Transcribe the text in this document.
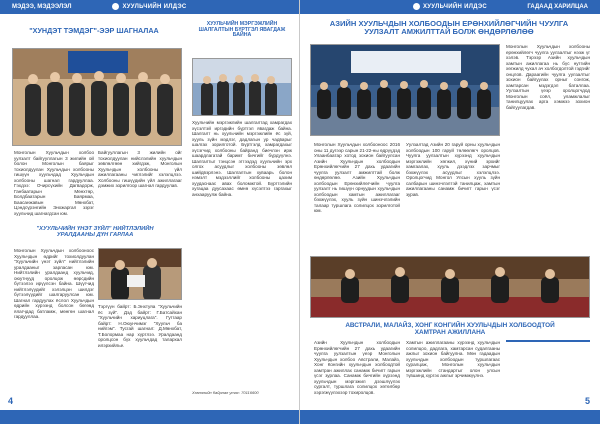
МЭДЭЭ, МЭДЭЭЛЭЛ	ХУУЛЬЧИЙН ИЛДЭС
"ХУНДЭТ ТЭМДЭГ"-ЭЭР ШАГНАЛАА
Монголын Хуульчдын холбоо уулзалт байгууллагын 3 жилийн ой болон Монголын баярыг тохиолдуулан Хуульчдын холбооны гишүүн хуульчдад Хуульчдын холбооны шагнал гардууллаа. Гэхдээ: Очирсүхийн Дагвадорж, Ганбаатарын Мөнхтөр, Болдбаатарын Баярмаа, Баасанжавын Мөнхбат, Цэндсүрэнгийн Энхжаргал зэрэг хуульчид шагнагдсан юм.
Байгууллагын 3 жилийн ойг тохиолдуулан нийслэлийн хуульчдын зөвлөлгөөн хийгдэж, Монголын Хуульчдын холбооны үйл ажиллагааны чиглэлийг хэлэлцлээ. Холбооны гишүүдийн үйл ажиллагааг дэмжих зорилгоор шагнал гардуулав.
"ХУУЛЬЧИЙН ҮНЭТ ЗҮЙЛ" НИЙТЛЭЛИЙН УРАЛДААНЫ ДҮН ГАРЛАА
Монголын Хуульчдын холбооноос Хуульчдын өдрийг тохиолдуулан "Хуульчийн үнэт зүйл" нийтлэлийн уралдааныг зарласан юм. Нийтлэлийн уралдаанд хуульчид, оюутнууд оролцож өөрсдийн бүтээлээ ирүүлсэн байна. Шүүгчид нийтлэлүүдийг хэлэлцэн шилдэг бүтээлүүдийг шалгаруулсан юм. Шагнал гардуулах ёслол Хуульчдын өдрийн хүрээнд болсон бөгөөд ялагчдад батламж, мөнгөн шагнал гардууллаа.
Тэргүүн байрт: Б.Энхтуяа "Хуульчийн ёс зүй". Дэд байрт: Г.Батсайхан "Хуульчийн хариуцлага". Гутгаар байрт: Н.Оюунчимэг "Хуульч ба нийгэм". Тусгай шагнал: Д.Мөнхбат, Т.Болормаа нар хүртлээ. Уралдаанд оролцсон бүх хуульчдад талархал илэрхийлье.
ХУУЛЬЧИЙН МЭРГЭЖЛИЙН ШАЛГАЛТЫН БҮРТГЭЛ ЯВАГДАЖ БАЙНА
Хуульчийн мэргэжлийн шалгалтад хамрагдах хүсэлтэй иргэдийн бүртгэл явагдаж байна. Шалгалт нь хуульчийн мэргэжлийн ёс зүй, хууль зүйн мэдлэг, дадлагын ур чадварыг шалгах зорилготой. Бүртгэлд хамрагдахыг хүсэгчид холбооны байранд биечлэн ирж шаардлагатай баримт бичгийг бүрдүүлнэ. Шалгалтыг тэнцсэн этгээдэд хуульчийн эрх олгох асуудлыг холбооны зөвлөл шийдвэрлэнэ. Шалгалтын хуваарь болон нэмэлт мэдээллийг холбооны цахим хуудаснаас авах боломжтой. Бүртгэлийн хугацаа дуусахаас өмнө хүсэлтээ гаргахыг анхааруулж байна.
Хэвлэлийн байрлал утас: 70116600
4
ХУУЛЬЧИЙН ИЛДЭС	ГАДААД ХАРИЛЦАА
АЗИЙН ХУУЛЬЧДЫН ХОЛБООДЫН ЕРӨНХИЙЛӨГЧИЙН ЧУУЛГА УУЛЗАЛТ АМЖИЛТТАЙ БОЛЖ ӨНДӨРЛӨЛӨӨ
Монголын Хуульчдын холбооноос 2016 оны 11 дүгээр сарын 21-22-ны өдрүүдэд Улаанбаатар хотод зохион байгуулсан Азийн Хуульчдын холбоодын Ерөнхийлөгчийн 27 дахь удаагийн чуулга уулзалт амжилттай болж өндөрлөлөө. Азийн Хуульчдын холбоодын Ерөнхийлөгчийн чуулга уулзалт нь гишүүн орнуудын хуульчдын холбоодын хамтын ажиллагааг бэхжүүлэх, хууль зүйн шинэчлэлийн талаар туршлага солилцох зорилготой юм.
Уулзалтад Азийн 20 гаруй орны хуульчдын холбоодын 100 гаруй төлөөлөгч оролцов. Чуулга уулзалтын хүрээнд хуульчдын мэргэжлийн хөгжил, хүний эрхийг хамгаалах, хууль дээдлэх зарчмыг бэхжүүлэх асуудлыг хэлэлцлээ. Оролцогчид Монгол Улсын хууль зүйн салбарын шинэчлэлтэй танилцаж, хамтын ажиллагааны санамж бичигт гарын үсэг зурав.
Монголын Хуульчдын холбооны ерөнхийлөгч чуулга уулзалтыг нээж үг хэлэв. Тэрээр Азийн хуульчдын хамтын ажиллагаа нь бүс нутгийн хөгжилд чухал ач холбогдолтой гэдгийг онцлов. Дараагийн чуулга уулзалтыг зохион байгуулах орныг сонгож, хамтарсан мэдэгдэл баталлаа. Уулзалтын үеэр оролцогчдод Монголын соёл, уламжлалыг танилцуулах арга хэмжээ зохион байгуулагдав.
АВСТРАЛИ, МАЛАЙЗ, ХОНГ КОНГИЙН ХУУЛЬЧДЫН ХОЛБООДТОЙ ХАМТРАН АЖИЛЛАНА
Азийн Хуульчдын холбоодын Ерөнхийлөгчийн 27 дахь удаагийн чуулга уулзалтын үеэр Монголын Хуульчдын холбоо Австрали, Малайз, Хонг Конгийн хуульчдын холбоодтой хамтран ажиллах санамж бичигт гарын үсэг зурлаа. Санамж бичгийн хүрээнд хуульчдын мэргэжил дээшлүүлэх сургалт, туршлага солилцох хөтөлбөр хэрэгжүүлэхээр тохиролцов.
Хамтын ажиллагааны хүрээнд хуульчдын солилцоо, дадлага, хамтарсан судалгааны ажлыг зохион байгуулна. Мөн гадаадын хуульчдын холбоодын туршлагаас суралцаж, Монголын хуульчдын мэргэжлийн стандартыг олон улсын түвшинд хүргэх ажлыг эрчимжүүлнэ.
5
